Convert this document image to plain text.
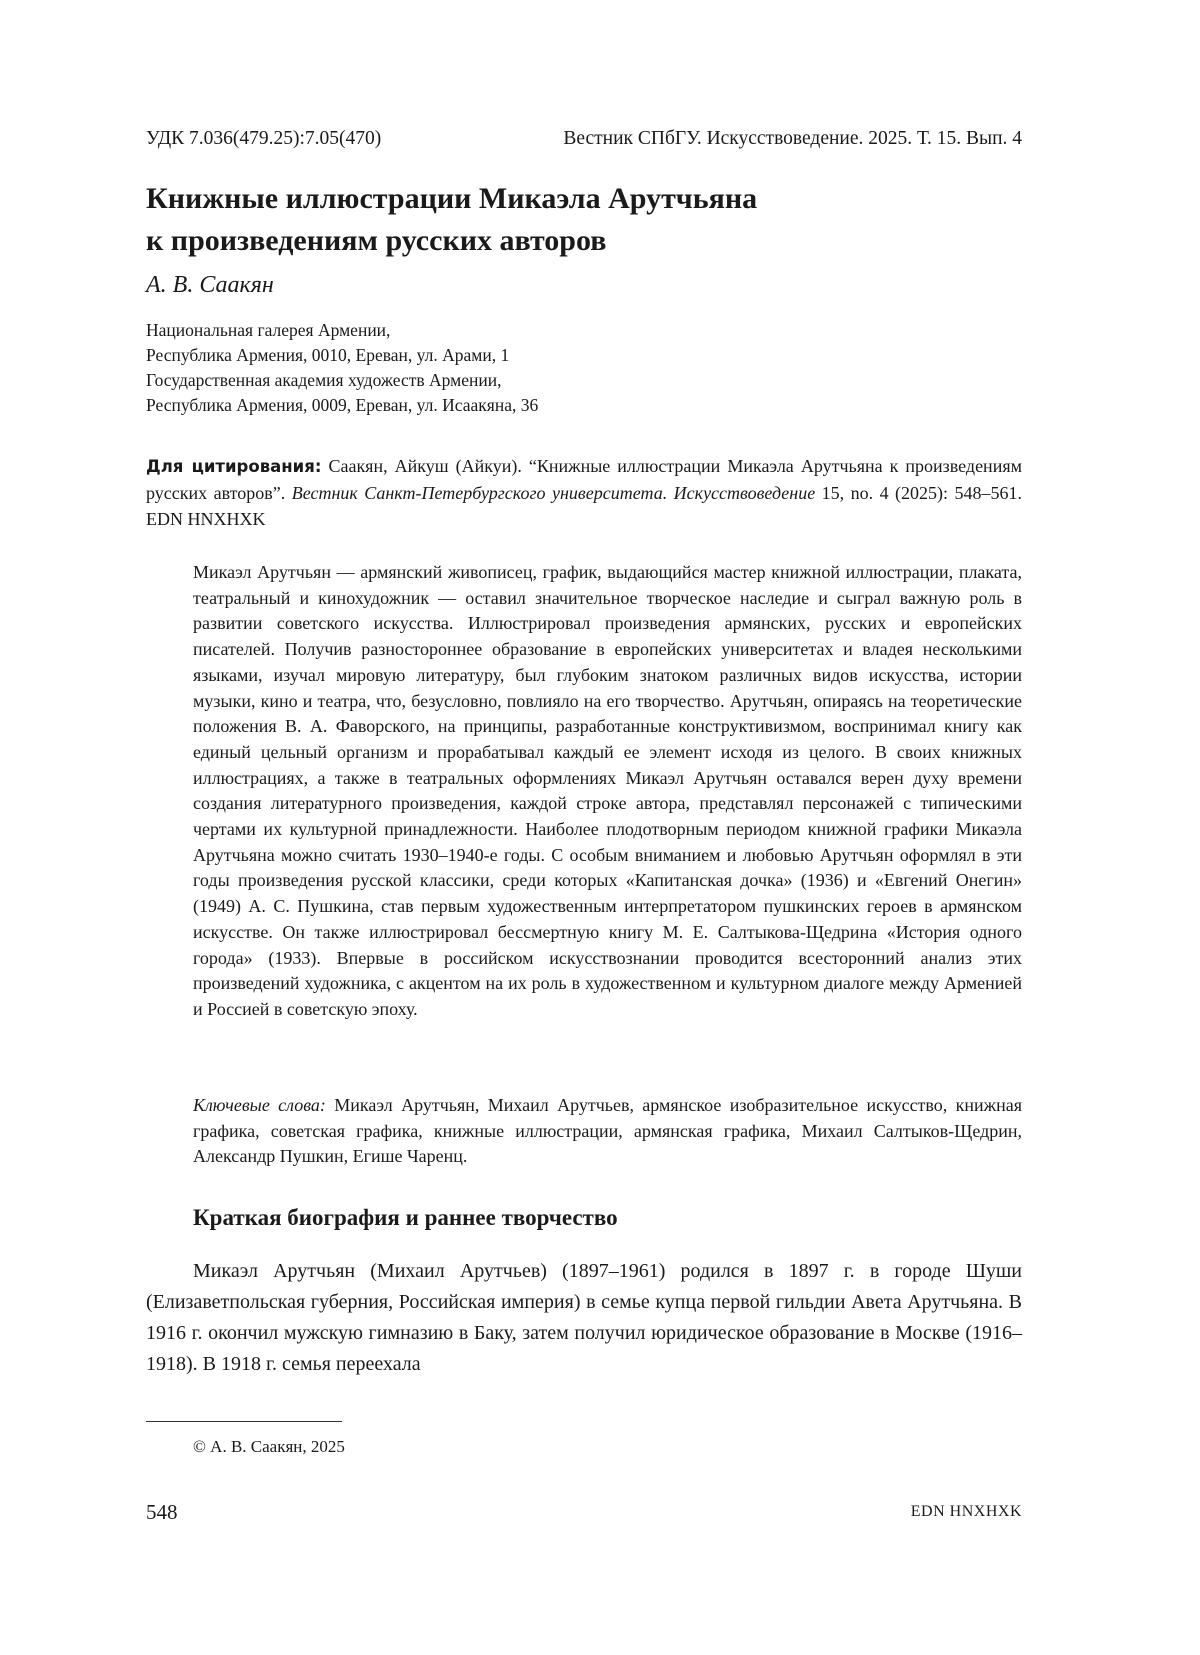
УДК 7.036(479.25):7.05(470)	Вестник СПбГУ. Искусствоведение. 2025. Т. 15. Вып. 4
Книжные иллюстрации Микаэла Арутчьяна
к произведениям русских авторов

А. В. Саакян

Национальная галерея Армении,
Республика Армения, 0010, Ереван, ул. Арами, 1
Государственная академия художеств Армении,
Республика Армения, 0009, Ереван, ул. Исаакяна, 36

Для цитирования: Саакян, Айкуш (Айкуи). “Книжные иллюстрации Микаэла Арутчьяна к произведениям русских авторов”. Вестник Санкт-Петербургского университета. Искусствоведение 15, no. 4 (2025): 548–561. EDN HNXHXK

Микаэл Арутчьян — армянский живописец, график, выдающийся мастер книжной иллюстрации, плаката, театральный и кинохудожник — оставил значительное творческое наследие и сыграл важную роль в развитии советского искусства. Иллюстрировал произведения армянских, русских и европейских писателей. Получив разностороннее образование в европейских университетах и владея несколькими языками, изучал мировую литературу, был глубоким знатоком различных видов искусства, истории музыки, кино и театра, что, безусловно, повлияло на его творчество. Арутчьян, опираясь на теоретические положения В. А. Фаворского, на принципы, разработанные конструктивизмом, воспринимал книгу как единый цельный организм и прорабатывал каждый ее элемент исходя из целого. В своих книжных иллюстрациях, а также в театральных оформлениях Микаэл Арутчьян оставался верен духу времени создания литературного произведения, каждой строке автора, представлял персонажей с типическими чертами их культурной принадлежности. Наиболее плодотворным периодом книжной графики Микаэла Арутчьяна можно считать 1930–1940-е годы. С особым вниманием и любовью Арутчьян оформлял в эти годы произведения русской классики, среди которых «Капитанская дочка» (1936) и «Евгений Онегин» (1949) А. С. Пушкина, став первым художественным интерпретатором пушкинских героев в армянском искусстве. Он также иллюстрировал бессмертную книгу М. Е. Салтыкова-Щедрина «История одного города» (1933). Впервые в российском искусствознании проводится всесторонний анализ этих произведений художника, с акцентом на их роль в художественном и культурном диалоге между Арменией и Россией в советскую эпоху.

Ключевые слова: Микаэл Арутчьян, Михаил Арутчьев, армянское изобразительное искусство, книжная графика, советская графика, книжные иллюстрации, армянская графика, Михаил Салтыков-Щедрин, Александр Пушкин, Егише Чаренц.

Краткая биография и раннее творчество

Микаэл Арутчьян (Михаил Арутчьев) (1897–1961) родился в 1897 г. в городе Шуши (Елизаветпольская губерния, Российская империя) в семье купца первой гильдии Авета Арутчьяна. В 1916 г. окончил мужскую гимназию в Баку, затем получил юридическое образование в Москве (1916–1918). В 1918 г. семья переехала

© А. В. Саакян, 2025
548	EDN HNXHXK
